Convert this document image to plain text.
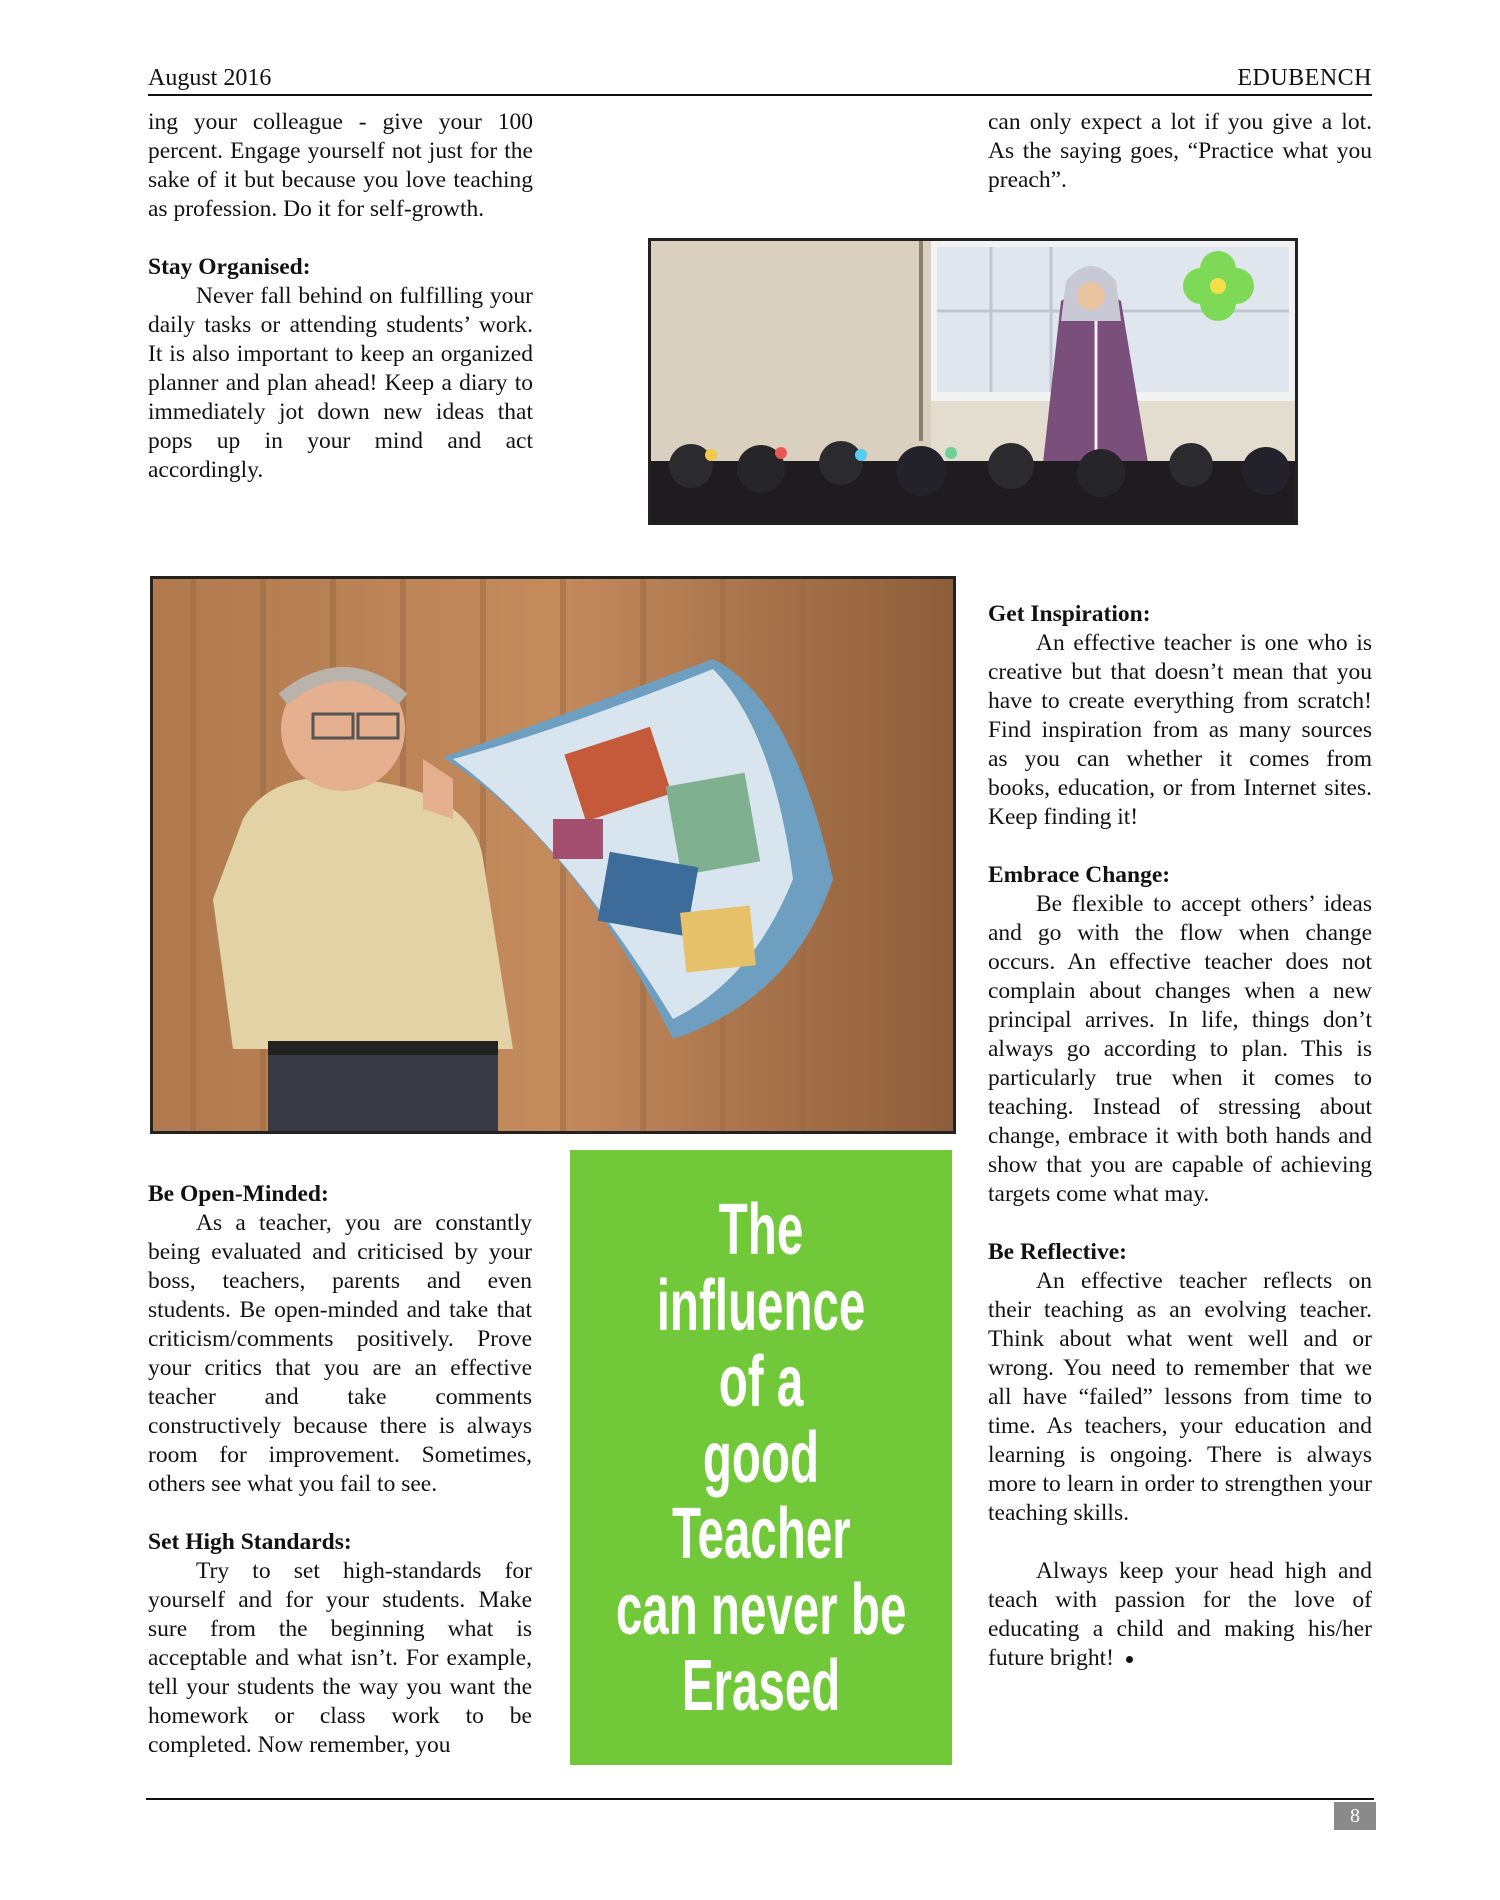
August 2016	EDUBENCH

ing your colleague - give your 100 percent. Engage yourself not just for the sake of it but because you love teaching as profession. Do it for self-growth.

Stay Organised:

Never fall behind on fulfilling your daily tasks or attending students’ work. It is also important to keep an organized planner and plan ahead! Keep a diary to immediately jot down new ideas that pops up in your mind and act accordingly.

can only expect a lot if you give a lot. As the saying goes, “Practice what you preach”.

Be Open-Minded:

As a teacher, you are constantly being evaluated and criticised by your boss, teachers, parents and even students. Be open-minded and take that criticism/comments positively. Prove your critics that you are an effective teacher and take comments constructively because there is always room for improvement. Sometimes, others see what you fail to see.

Set High Standards:

Try to set high-standards for yourself and for your students. Make sure from the beginning what is acceptable and what isn’t. For example, tell your students the way you want the homework or class work to be completed. Now remember, you

The
influence
of a
good
Teacher
can never be
Erased
Get Inspiration:

An effective teacher is one who is creative but that doesn’t mean that you have to create everything from scratch! Find inspiration from as many sources as you can whether it comes from books, education, or from Internet sites. Keep finding it!

Embrace Change:

Be flexible to accept others’ ideas and go with the flow when change occurs. An effective teacher does not complain about changes when a new principal arrives. In life, things don’t always go according to plan. This is particularly true when it comes to teaching. Instead of stressing about change, embrace it with both hands and show that you are capable of achieving targets come what may.

Be Reflective:

An effective teacher reflects on their teaching as an evolving teacher. Think about what went well and or wrong. You need to remember that we all have “failed” lessons from time to time. As teachers, your education and learning is ongoing. There is always more to learn in order to strengthen your teaching skills.

Always keep your head high and teach with passion for the love of educating a child and making his/her future bright!

8
